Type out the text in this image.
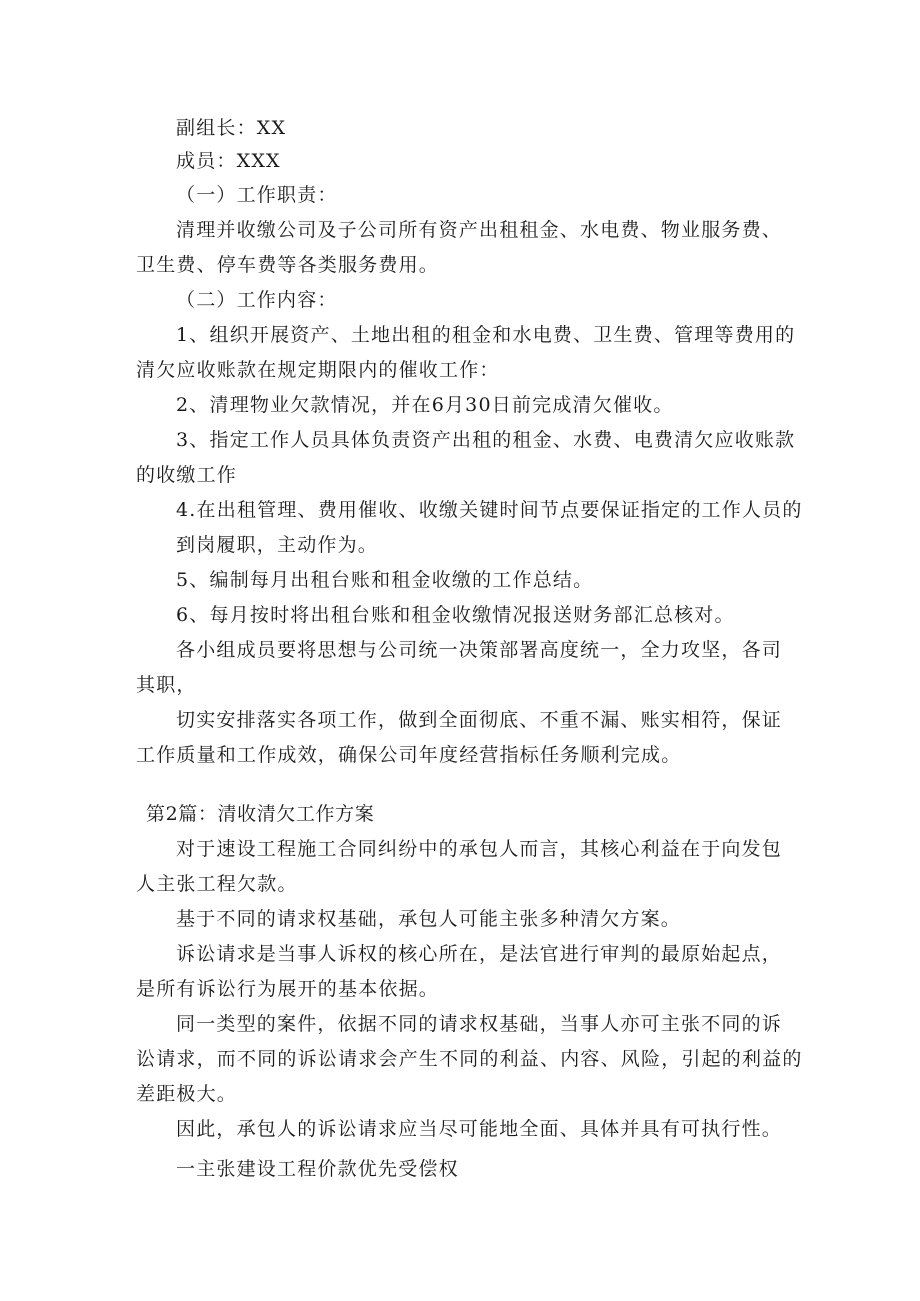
副组长：XX
成员：XXX
（一）工作职责：
清理并收缴公司及子公司所有资产出租租金、水电费、物业服务费、
卫生费、停车费等各类服务费用。
（二）工作内容：
1、组织开展资产、土地出租的租金和水电费、卫生费、管理等费用的
清欠应收账款在规定期限内的催收工作：
2、清理物业欠款情况，并在6月30日前完成清欠催收。
3、指定工作人员具体负责资产出租的租金、水费、电费清欠应收账款
的收缴工作
4.在出租管理、费用催收、收缴关键时间节点要保证指定的工作人员的
到岗履职，主动作为。
5、编制每月出租台账和租金收缴的工作总结。
6、每月按时将出租台账和租金收缴情况报送财务部汇总核对。
各小组成员要将思想与公司统一决策部署高度统一，全力攻坚，各司
其职，
切实安排落实各项工作，做到全面彻底、不重不漏、账实相符，保证
工作质量和工作成效，确保公司年度经营指标任务顺利完成。
第2篇：清收清欠工作方案
对于速设工程施工合同纠纷中的承包人而言，其核心利益在于向发包
人主张工程欠款。
基于不同的请求权基础，承包人可能主张多种清欠方案。
诉讼请求是当事人诉权的核心所在，是法官进行审判的最原始起点，
是所有诉讼行为展开的基本依据。
同一类型的案件，依据不同的请求权基础，当事人亦可主张不同的诉
讼请求，而不同的诉讼请求会产生不同的利益、内容、风险，引起的利益的
差距极大。
因此，承包人的诉讼请求应当尽可能地全面、具体并具有可执行性。
一主张建设工程价款优先受偿权
